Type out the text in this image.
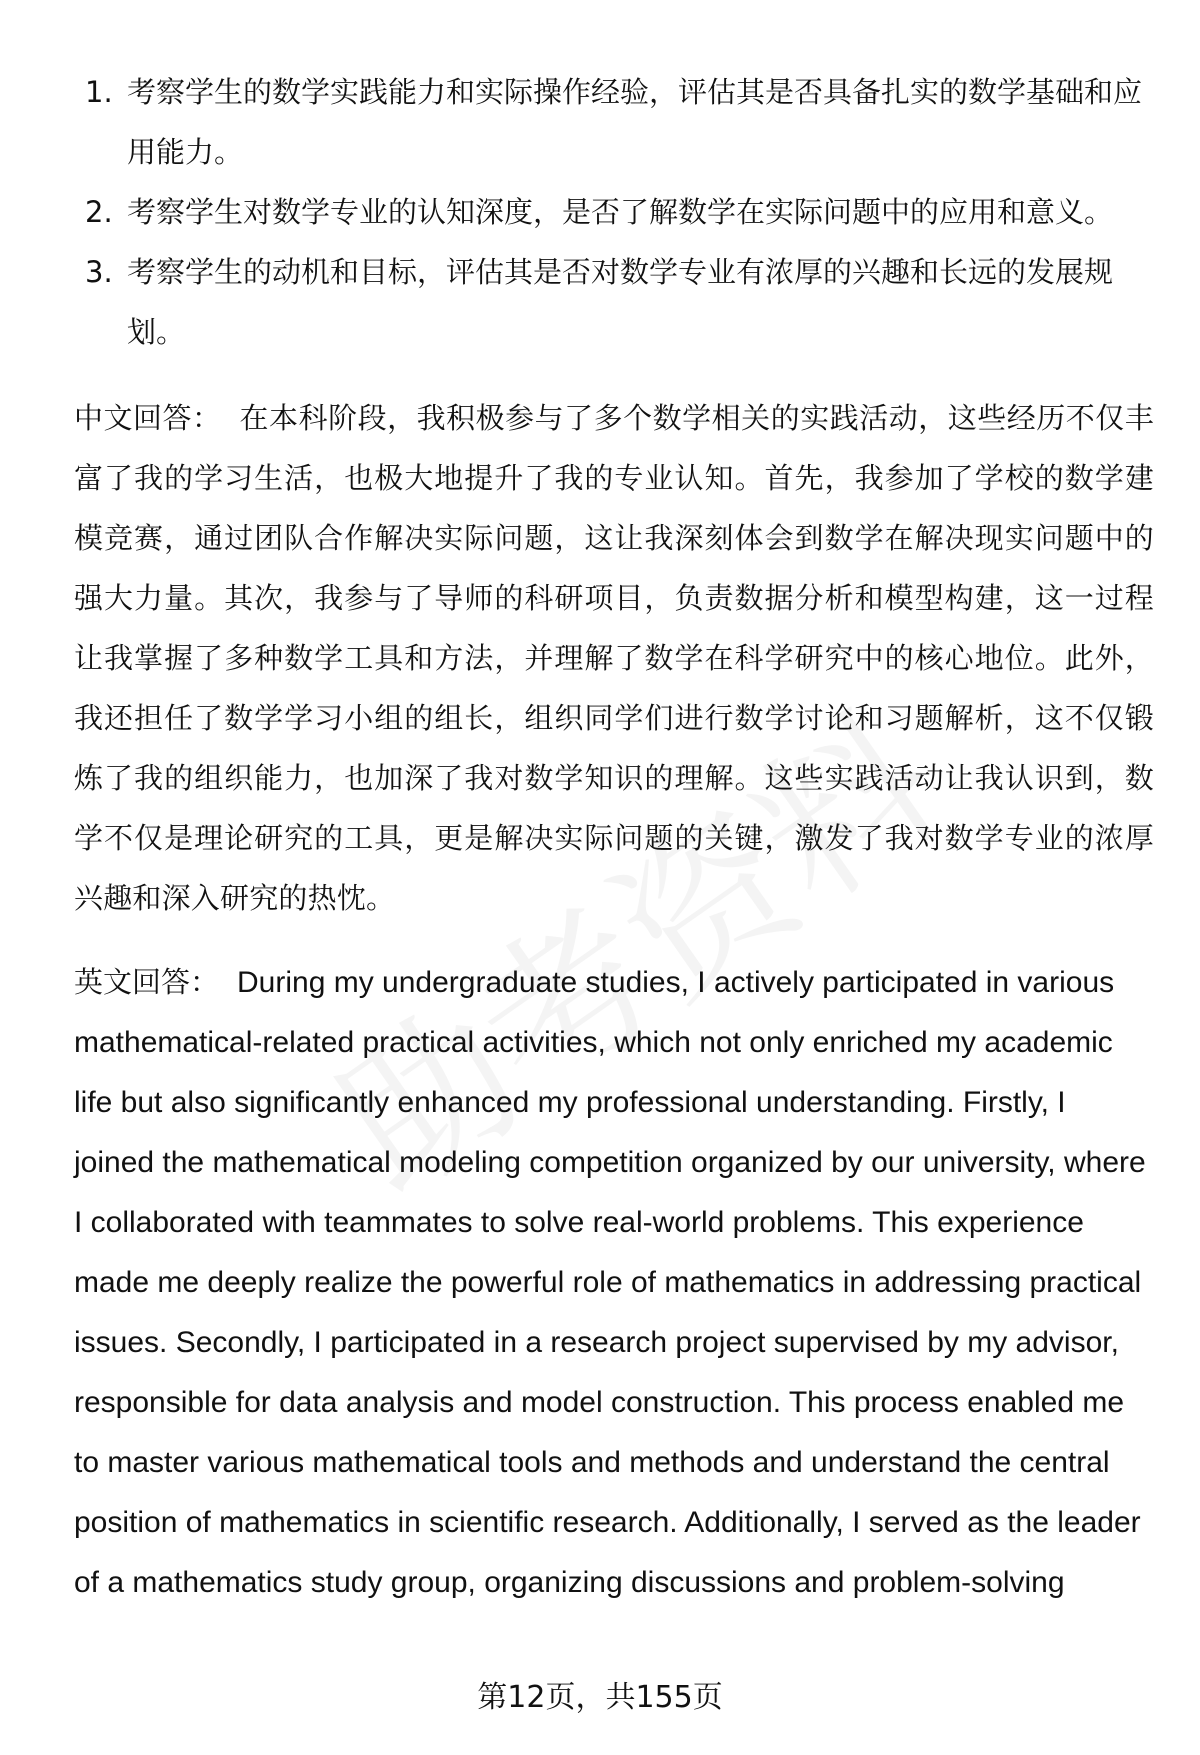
1. 考察学生的数学实践能力和实际操作经验，评估其是否具备扎实的数学基础和应用能力。
2. 考察学生对数学专业的认知深度，是否了解数学在实际问题中的应用和意义。
3. 考察学生的动机和目标，评估其是否对数学专业有浓厚的兴趣和长远的发展规划。

中文回答： 在本科阶段，我积极参与了多个数学相关的实践活动，这些经历不仅丰富了我的学习生活，也极大地提升了我的专业认知。首先，我参加了学校的数学建模竞赛，通过团队合作解决实际问题，这让我深刻体会到数学在解决现实问题中的强大力量。其次，我参与了导师的科研项目，负责数据分析和模型构建，这一过程让我掌握了多种数学工具和方法，并理解了数学在科学研究中的核心地位。此外，我还担任了数学学习小组的组长，组织同学们进行数学讨论和习题解析，这不仅锻炼了我的组织能力，也加深了我对数学知识的理解。这些实践活动让我认识到，数学不仅是理论研究的工具，更是解决实际问题的关键，激发了我对数学专业的浓厚兴趣和深入研究的热忱。

英文回答： During my undergraduate studies, I actively participated in various mathematical-related practical activities, which not only enriched my academic life but also significantly enhanced my professional understanding. Firstly, I joined the mathematical modeling competition organized by our university, where I collaborated with teammates to solve real-world problems. This experience made me deeply realize the powerful role of mathematics in addressing practical issues. Secondly, I participated in a research project supervised by my advisor, responsible for data analysis and model construction. This process enabled me to master various mathematical tools and methods and understand the central position of mathematics in scientific research. Additionally, I served as the leader of a mathematics study group, organizing discussions and problem-solving

第12页，共155页
